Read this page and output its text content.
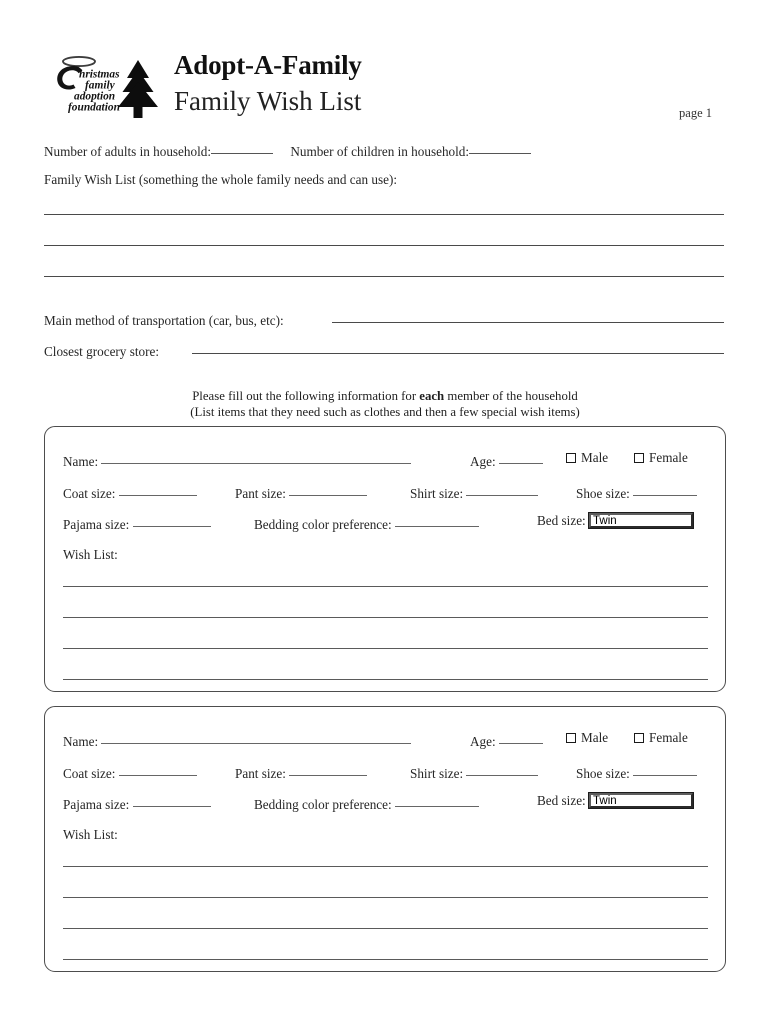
hristmas
family
adoption
foundation
Adopt-A-Family
Family Wish List	page 1
Number of adults in household:	Number of children in household:
Family Wish List (something the whole family needs and can use):
Main method of transportation (car, bus, etc):
Closest grocery store:
Please fill out the following information for each member of the household
(List items that they need such as clothes and then a few special wish items)
Name:	Age:	Male	Female
Coat size:	Pant size:	Shirt size:	Shoe size:
Pajama size:	Bedding color preference:	Bed size: Twin
Wish List:
Name:	Age:	Male	Female
Coat size:	Pant size:	Shirt size:	Shoe size:
Pajama size:	Bedding color preference:	Bed size: Twin
Wish List:
